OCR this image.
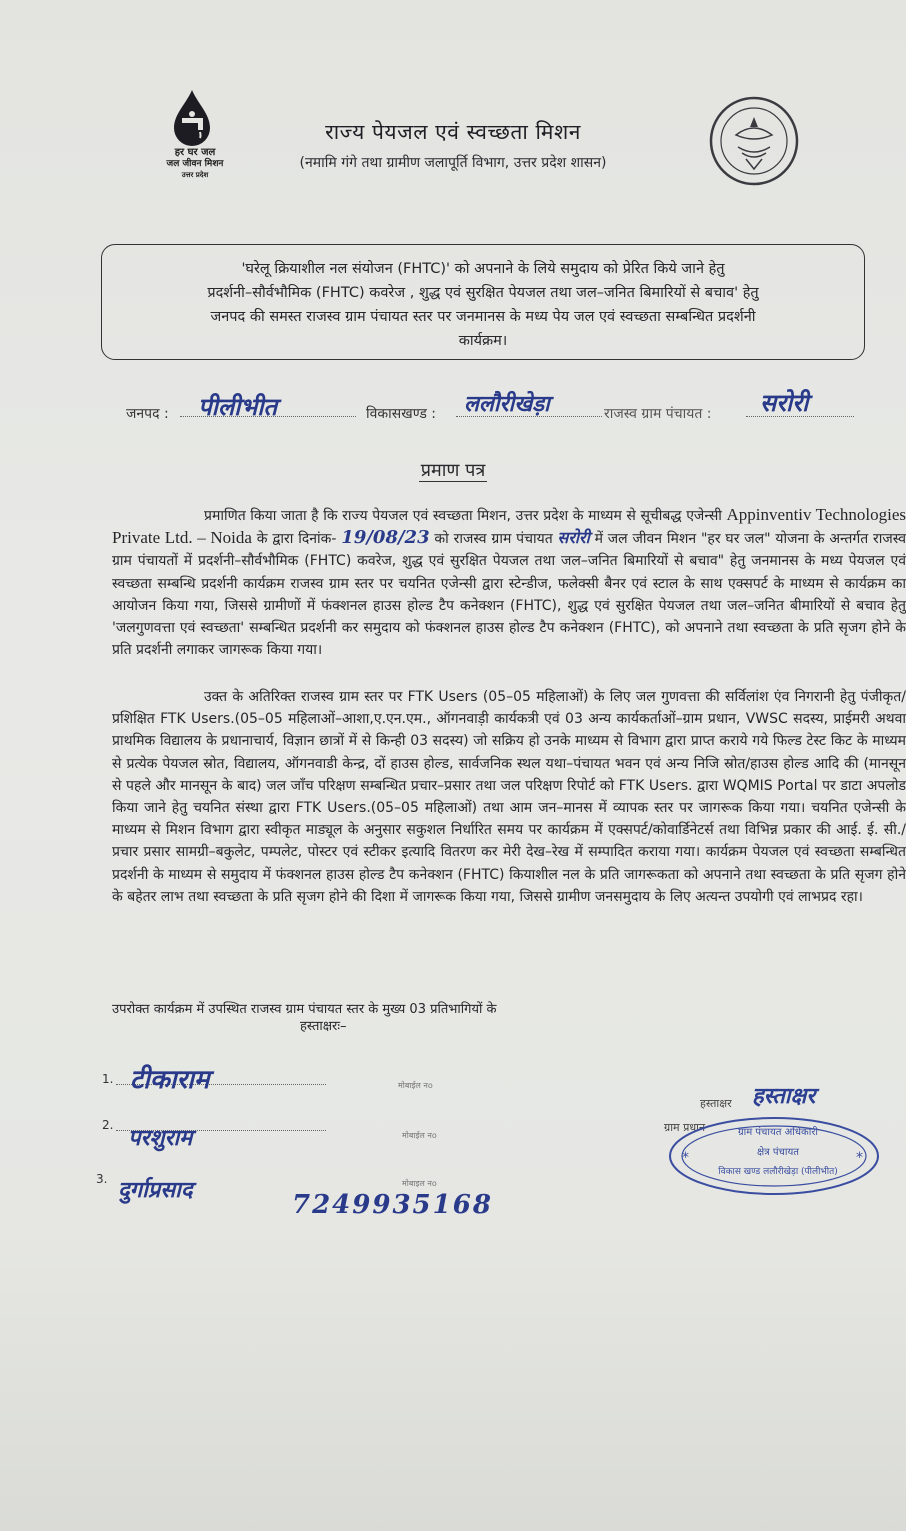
हर घर जल
जल जीवन मिशन
उत्तर प्रदेश
राज्य पेयजल एवं स्वच्छता मिशन
(नमामि गंगे तथा ग्रामीण जलापूर्ति विभाग, उत्तर प्रदेश शासन)
'घरेलू क्रियाशील नल संयोजन (FHTC)' को अपनाने के लिये समुदाय को प्रेरित किये जाने हेतु
प्रदर्शनी–सौर्वभौमिक (FHTC) कवरेज , शुद्ध एवं सुरक्षित पेयजल तथा जल–जनित बिमारियों से बचाव' हेतु
जनपद की समस्त राजस्व ग्राम पंचायत स्तर पर जनमानस के मध्य पेय जल एवं स्वच्छता सम्बन्धित प्रदर्शनी
कार्यक्रम।
जनपद : पीलीभीत	विकासखण्ड : ललौरीखेड़ा	राजस्व ग्राम पंचायत : सरोरी
प्रमाण पत्र

प्रमाणित किया जाता है कि राज्य पेयजल एवं स्वच्छता मिशन, उत्तर प्रदेश के माध्यम से सूचीबद्ध एजेन्सी Appinventiv Technologies Private Ltd. – Noida के द्वारा दिनांक- 19/08/23 को राजस्व ग्राम पंचायत सरोरी में जल जीवन मिशन "हर घर जल" योजना के अन्तर्गत राजस्व ग्राम पंचायतों में प्रदर्शनी–सौर्वभौमिक (FHTC) कवरेज, शुद्ध एवं सुरक्षित पेयजल तथा जल–जनित बिमारियों से बचाव" हेतु जनमानस के मध्य पेयजल एवं स्वच्छता सम्बन्धि प्रदर्शनी कार्यक्रम राजस्व ग्राम स्तर पर चयनित एजेन्सी द्वारा स्टेन्डीज, फलेक्सी बैनर एवं स्टाल के साथ एक्सपर्ट के माध्यम से कार्यक्रम का आयोजन किया गया, जिससे ग्रामीणों में फंक्शनल हाउस होल्ड टैप कनेक्शन (FHTC), शुद्ध एवं सुरक्षित पेयजल तथा जल–जनित बीमारियों से बचाव हेतु 'जलगुणवत्ता एवं स्वच्छता' सम्बन्धित प्रदर्शनी कर समुदाय को फंक्शनल हाउस होल्ड टैप कनेक्शन (FHTC), को अपनाने तथा स्वच्छता के प्रति सृजग होने के प्रति प्रदर्शनी लगाकर जागरूक किया गया।

उक्त के अतिरिक्त राजस्व ग्राम स्तर पर FTK Users (05–05 महिलाओं) के लिए जल गुणवत्ता की सर्विलांश एंव निगरानी हेतु पंजीकृत/प्रशिक्षित FTK Users.(05–05 महिलाओं–आशा,ए.एन.एम., ऑगनवाड़ी कार्यकत्री एवं 03 अन्य कार्यकर्ताओं–ग्राम प्रधान, VWSC सदस्य, प्राईमरी अथवा प्राथमिक विद्यालय के प्रधानाचार्य, विज्ञान छात्रों में से किन्ही 03 सदस्य) जो सक्रिय हो उनके माध्यम से विभाग द्वारा प्राप्त कराये गये फिल्ड टेस्ट किट के माध्यम से प्रत्येक पेयजल स्रोत, विद्यालय, ऑगनवाडी केन्द्र, दों हाउस होल्ड, सार्वजनिक स्थल यथा–पंचायत भवन एवं अन्य निजि स्रोत/हाउस होल्ड आदि की (मानसून से पहले और मानसून के बाद) जल जाँच परिक्षण सम्बन्धित प्रचार–प्रसार तथा जल परिक्षण रिपोर्ट को FTK Users. द्वारा WQMIS Portal पर डाटा अपलोड किया जाने हेतु चयनित संस्था द्वारा FTK Users.(05–05 महिलाओं) तथा आम जन–मानस में व्यापक स्तर पर जागरूक किया गया। चयनित एजेन्सी के माध्यम से मिशन विभाग द्वारा स्वीकृत माड्यूल के अनुसार सकुशल निर्धारित समय पर कार्यक्रम में एक्सपर्ट/कोवार्डिनेटर्स तथा विभिन्न प्रकार की आई. ई. सी./प्रचार प्रसार सामग्री–बकुलेट, पम्पलेट, पोस्टर एवं स्टीकर इत्यादि वितरण कर मेरी देख–रेख में सम्पादित कराया गया। कार्यक्रम पेयजल एवं स्वच्छता सम्बन्धित प्रदर्शनी के माध्यम से समुदाय में फंक्शनल हाउस होल्ड टैप कनेक्शन (FHTC) कियाशील नल के प्रति जागरूकता को अपनाने तथा स्वच्छता के प्रति सृजग होने के बहेतर लाभ तथा स्वच्छता के प्रति सृजग होने की दिशा में जागरूक किया गया, जिससे ग्रामीण जनसमुदाय के लिए अत्यन्त उपयोगी एवं लाभप्रद रहा।

उपरोक्त कार्यक्रम में उपस्थित राजस्व ग्राम पंचायत स्तर के मुख्य 03 प्रतिभागियों के
हस्ताक्षरः–
1. टीकाराम	मोबाईल नo
2. परशुराम	मोबाईल नo
3. दुर्गाप्रसाद	मोबाइल नo
7249935168
हस्ताक्षर हस्ताक्षर
ग्राम प्रधान
*	*
ग्राम पंचायत अधिकारी
क्षेत्र पंचायत
विकास खण्ड ललौरीखेड़ा (पीलीभीत)
